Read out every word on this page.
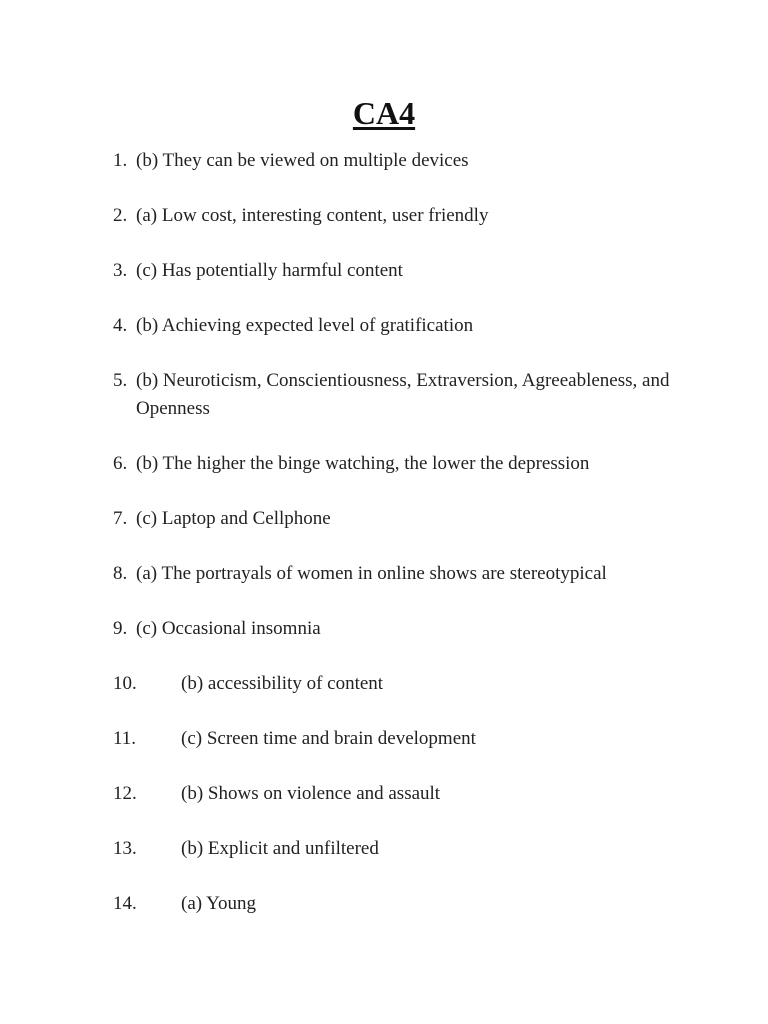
CA4
1. (b) They can be viewed on multiple devices
2. (a) Low cost, interesting content, user friendly
3. (c) Has potentially harmful content
4. (b) Achieving expected level of gratification
5. (b) Neuroticism, Conscientiousness, Extraversion, Agreeableness, and Openness
6. (b) The higher the binge watching, the lower the depression
7. (c) Laptop and Cellphone
8. (a) The portrayals of women in online shows are stereotypical
9. (c) Occasional insomnia
10.	(b) accessibility of content
11.	(c) Screen time and brain development
12.	(b) Shows on violence and assault
13.	(b) Explicit and unfiltered
14.	(a) Young
